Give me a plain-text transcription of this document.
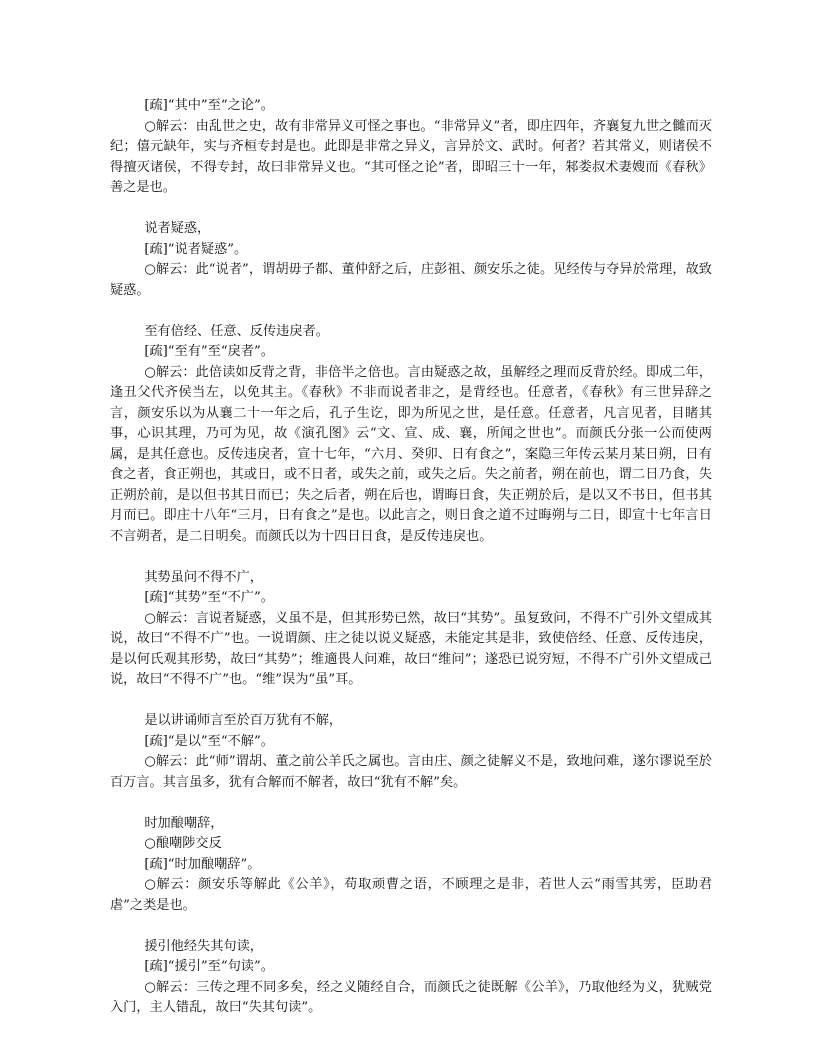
[疏]“其中”至“之论”。

○解云：由乱世之史，故有非常异义可怪之事也。“非常异义”者，即庄四年，齐襄复九世之雠而灭纪；僖元缺年，实与齐桓专封是也。此即是非常之异义，言异於文、武时。何者？若其常义，则诸侯不得擅灭诸侯，不得专封，故曰非常异义也。“其可怪之论”者，即昭三十一年，邾娄叔术妻嫂而《春秋》善之是也。

说者疑惑，

[疏]“说者疑惑”。

○解云：此“说者”，谓胡毋子都、董仲舒之后，庄彭祖、颜安乐之徒。见经传与夺异於常理，故致疑惑。

至有倍经、任意、反传违戾者。

[疏]“至有”至“戾者”。

○解云：此倍读如反背之背，非倍半之倍也。言由疑惑之故，虽解经之理而反背於经。即成二年，逢丑父代齐侯当左，以免其主。《春秋》不非而说者非之，是背经也。任意者，《春秋》有三世异辞之言，颜安乐以为从襄二十一年之后，孔子生讫，即为所见之世，是任意。任意者，凡言见者，目睹其事，心识其理，乃可为见，故《演孔图》云“文、宣、成、襄，所闻之世也”。而颜氏分张一公而使两属，是其任意也。反传违戾者，宣十七年，“六月、癸卯、日有食之”，案隐三年传云某月某日朔，日有食之者，食正朔也，其或日，或不日者，或失之前，或失之后。失之前者，朔在前也，谓二日乃食，失正朔於前，是以但书其日而已；失之后者，朔在后也，谓晦日食，失正朔於后，是以又不书日，但书其月而已。即庄十八年“三月，日有食之”是也。以此言之，则日食之道不过晦朔与二日，即宣十七年言日不言朔者，是二日明矣。而颜氏以为十四日日食，是反传违戾也。

其势虽问不得不广，

[疏]“其势”至“不广”。

○解云：言说者疑惑，义虽不是，但其形势已然，故曰“其势”。虽复致问，不得不广引外文望成其说，故曰“不得不广”也。一说谓颜、庄之徒以说义疑惑，未能定其是非，致使倍经、任意、反传违戾，是以何氏观其形势，故曰“其势”；维適畏人问难，故曰“维问”；遂恐已说穷短，不得不广引外文望成己说，故曰“不得不广”也。“维”误为“虽”耳。

是以讲诵师言至於百万犹有不解，

[疏]“是以”至“不解”。

○解云：此“师”谓胡、董之前公羊氏之属也。言由庄、颜之徒解义不是，致地问难，遂尔谬说至於百万言。其言虽多，犹有合解而不解者，故曰“犹有不解”矣。

时加酿嘲辞，

○酿嘲陟交反

[疏]“时加酿嘲辞”。

○解云：颜安乐等解此《公羊》，苟取顽曹之语，不顾理之是非，若世人云“雨雪其雱，臣助君虐”之类是也。

援引他经失其句读，

[疏]“援引”至“句读”。

○解云：三传之理不同多矣，经之义随经自合，而颜氏之徒既解《公羊》，乃取他经为义，犹贼党入门，主人错乱，故曰“失其句读”。
